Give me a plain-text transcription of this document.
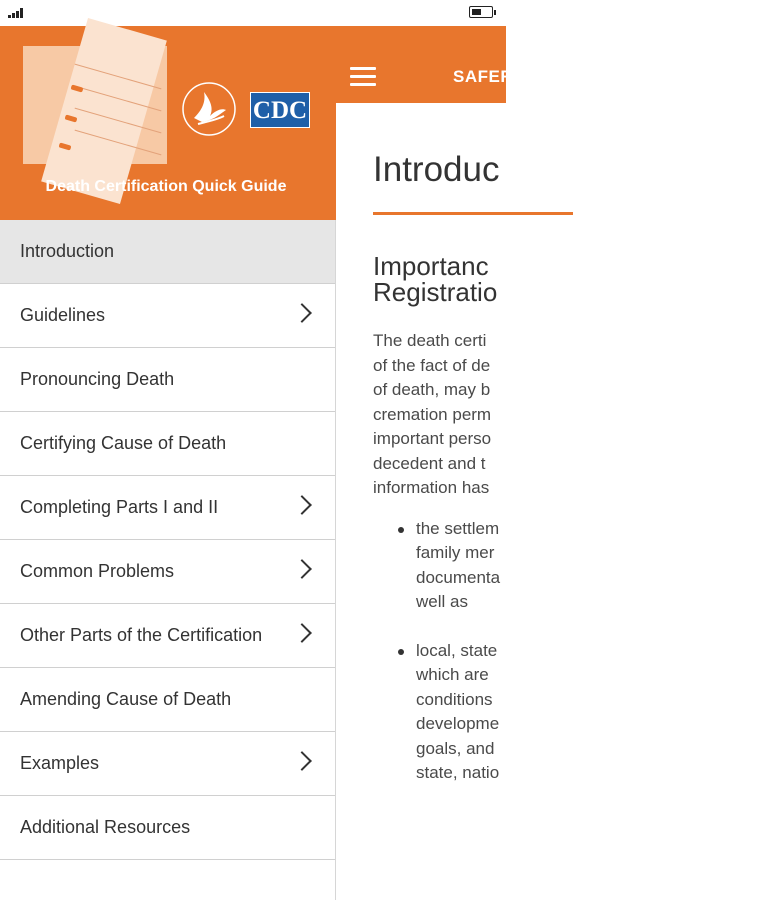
SAFER
Introduc
Importanc
Registratio
The death certi
of the fact of de
of death, may b
cremation perm
important perso
decedent and t
information has
the settlem
family mer
documenta
well as
local, state
which are
conditions
developme
goals, and
state, natio
CDC
Death Certification Quick Guide
Introduction
Guidelines
Pronouncing Death
Certifying Cause of Death
Completing Parts I and II
Common Problems
Other Parts of the Certification
Amending Cause of Death
Examples
Additional Resources
